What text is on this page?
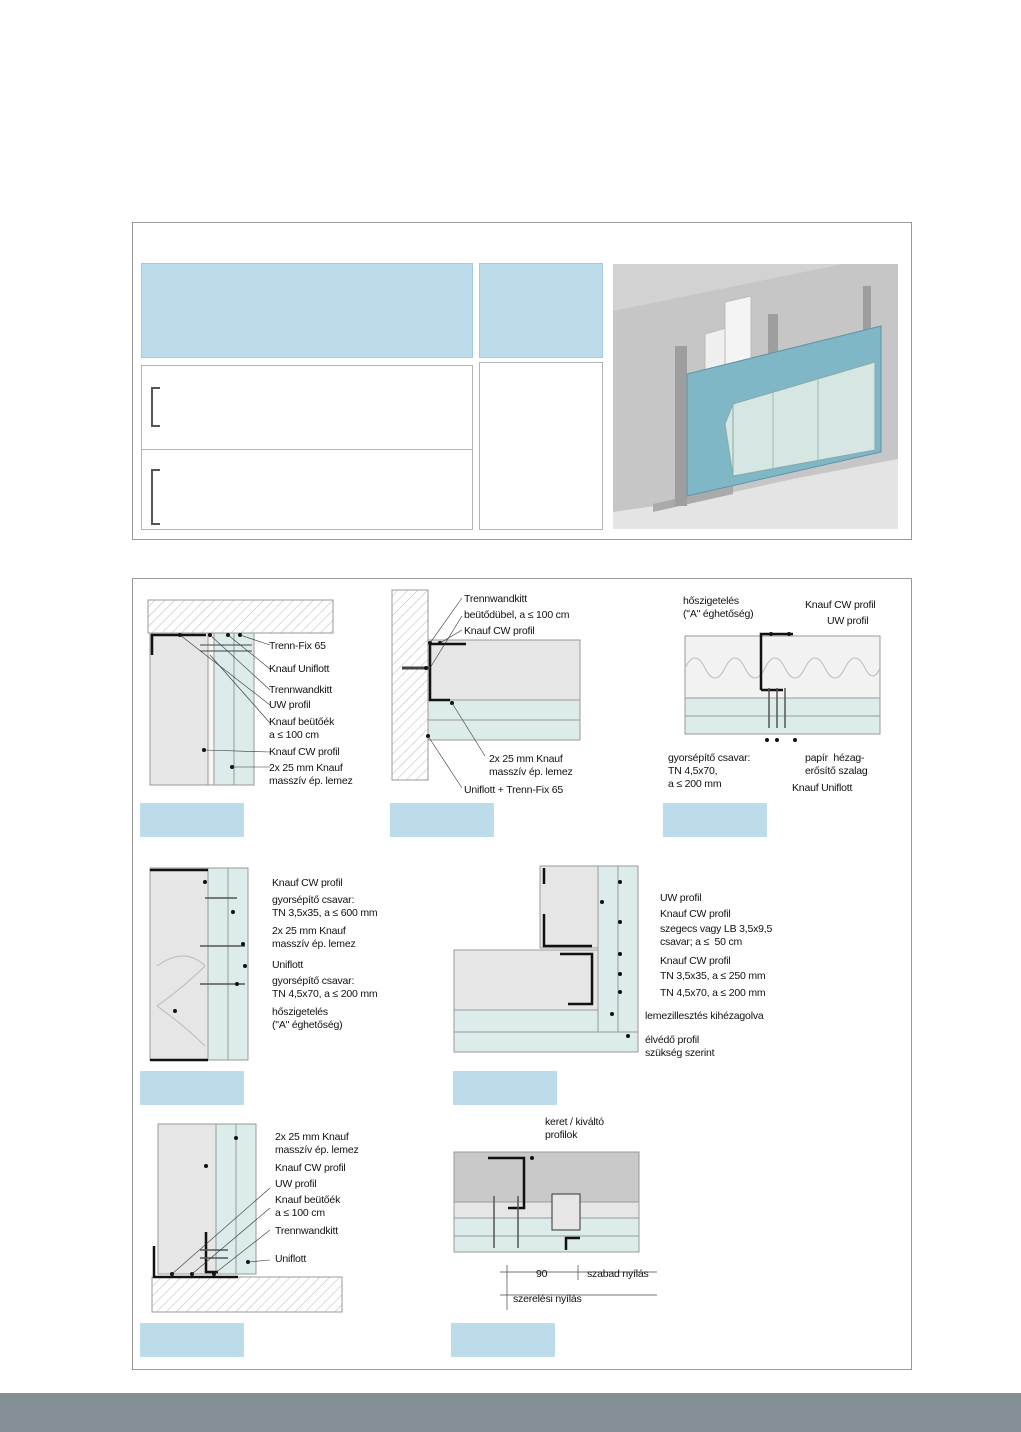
Trenn-Fix 65
Knauf Uniflott
Trennwandkitt
UW profil
Knauf beütőék
a ≤ 100 cm
Knauf CW profil
2x 25 mm Knauf
masszív ép. lemez
Trennwandkitt
beütődübel, a ≤ 100 cm
Knauf CW profil
2x 25 mm Knauf
masszív ép. lemez
Uniflott + Trenn-Fix 65
hőszigetelés
("A" éghetőség)
Knauf CW profil
UW profil
gyorsépítő csavar:
TN 4,5x70,
a ≤ 200 mm
papír  hézag-
erősítő szalag
Knauf Uniflott
Knauf CW profil
gyorsépítő csavar:
TN 3,5x35, a ≤ 600 mm
2x 25 mm Knauf
masszív ép. lemez
Uniflott
gyorsépítő csavar:
TN 4,5x70, a ≤ 200 mm
hőszigetelés
("A" éghetőség)
UW profil
Knauf CW profil
szegecs vagy LB 3,5x9,5
csavar; a ≤  50 cm
Knauf CW profil
TN 3,5x35, a ≤ 250 mm
TN 4,5x70, a ≤ 200 mm
lemezillesztés kihézagolva
élvédő profil
szükség szerint
2x 25 mm Knauf
masszív ép. lemez
Knauf CW profil
UW profil
Knauf beütőék
a ≤ 100 cm
Trennwandkitt
Uniflott
keret / kiváltó
profilok
90	szabad nyílás
szerelési nyílás
